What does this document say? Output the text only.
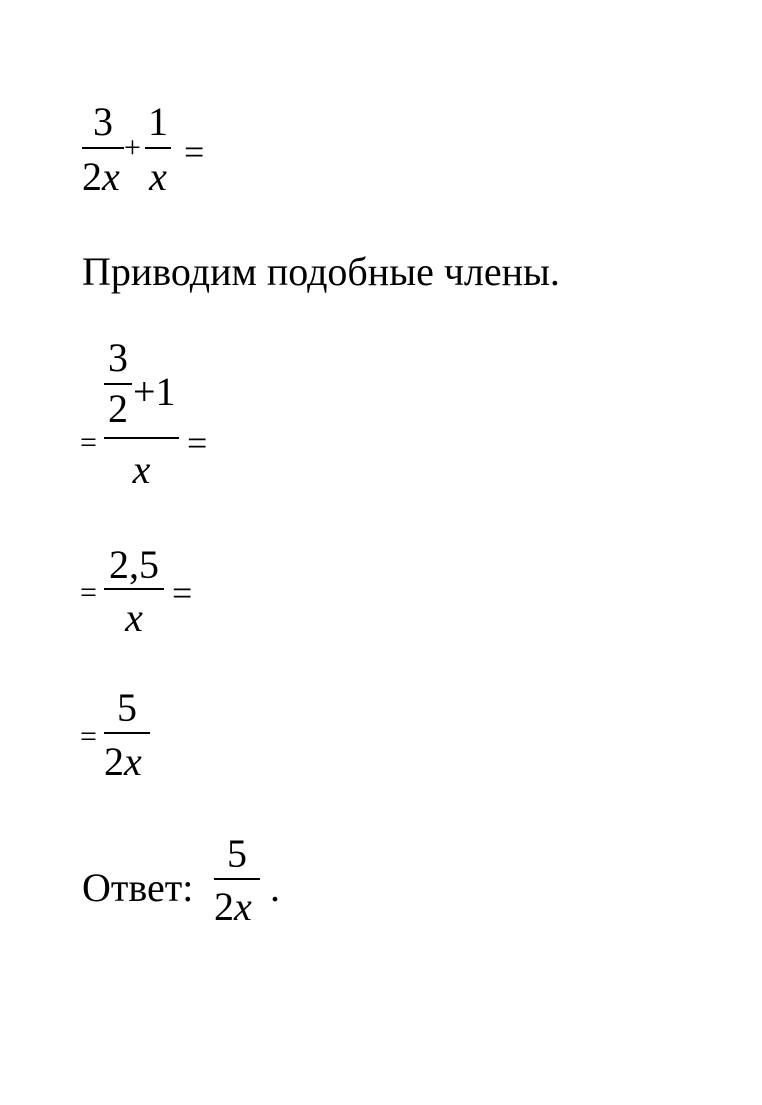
3
2x
+
1
x
=
Приводим подобные члены.
=
3
2 +1
x
=
=
2,5
x
=
=
5
2x
Ответ:
5
2x .
